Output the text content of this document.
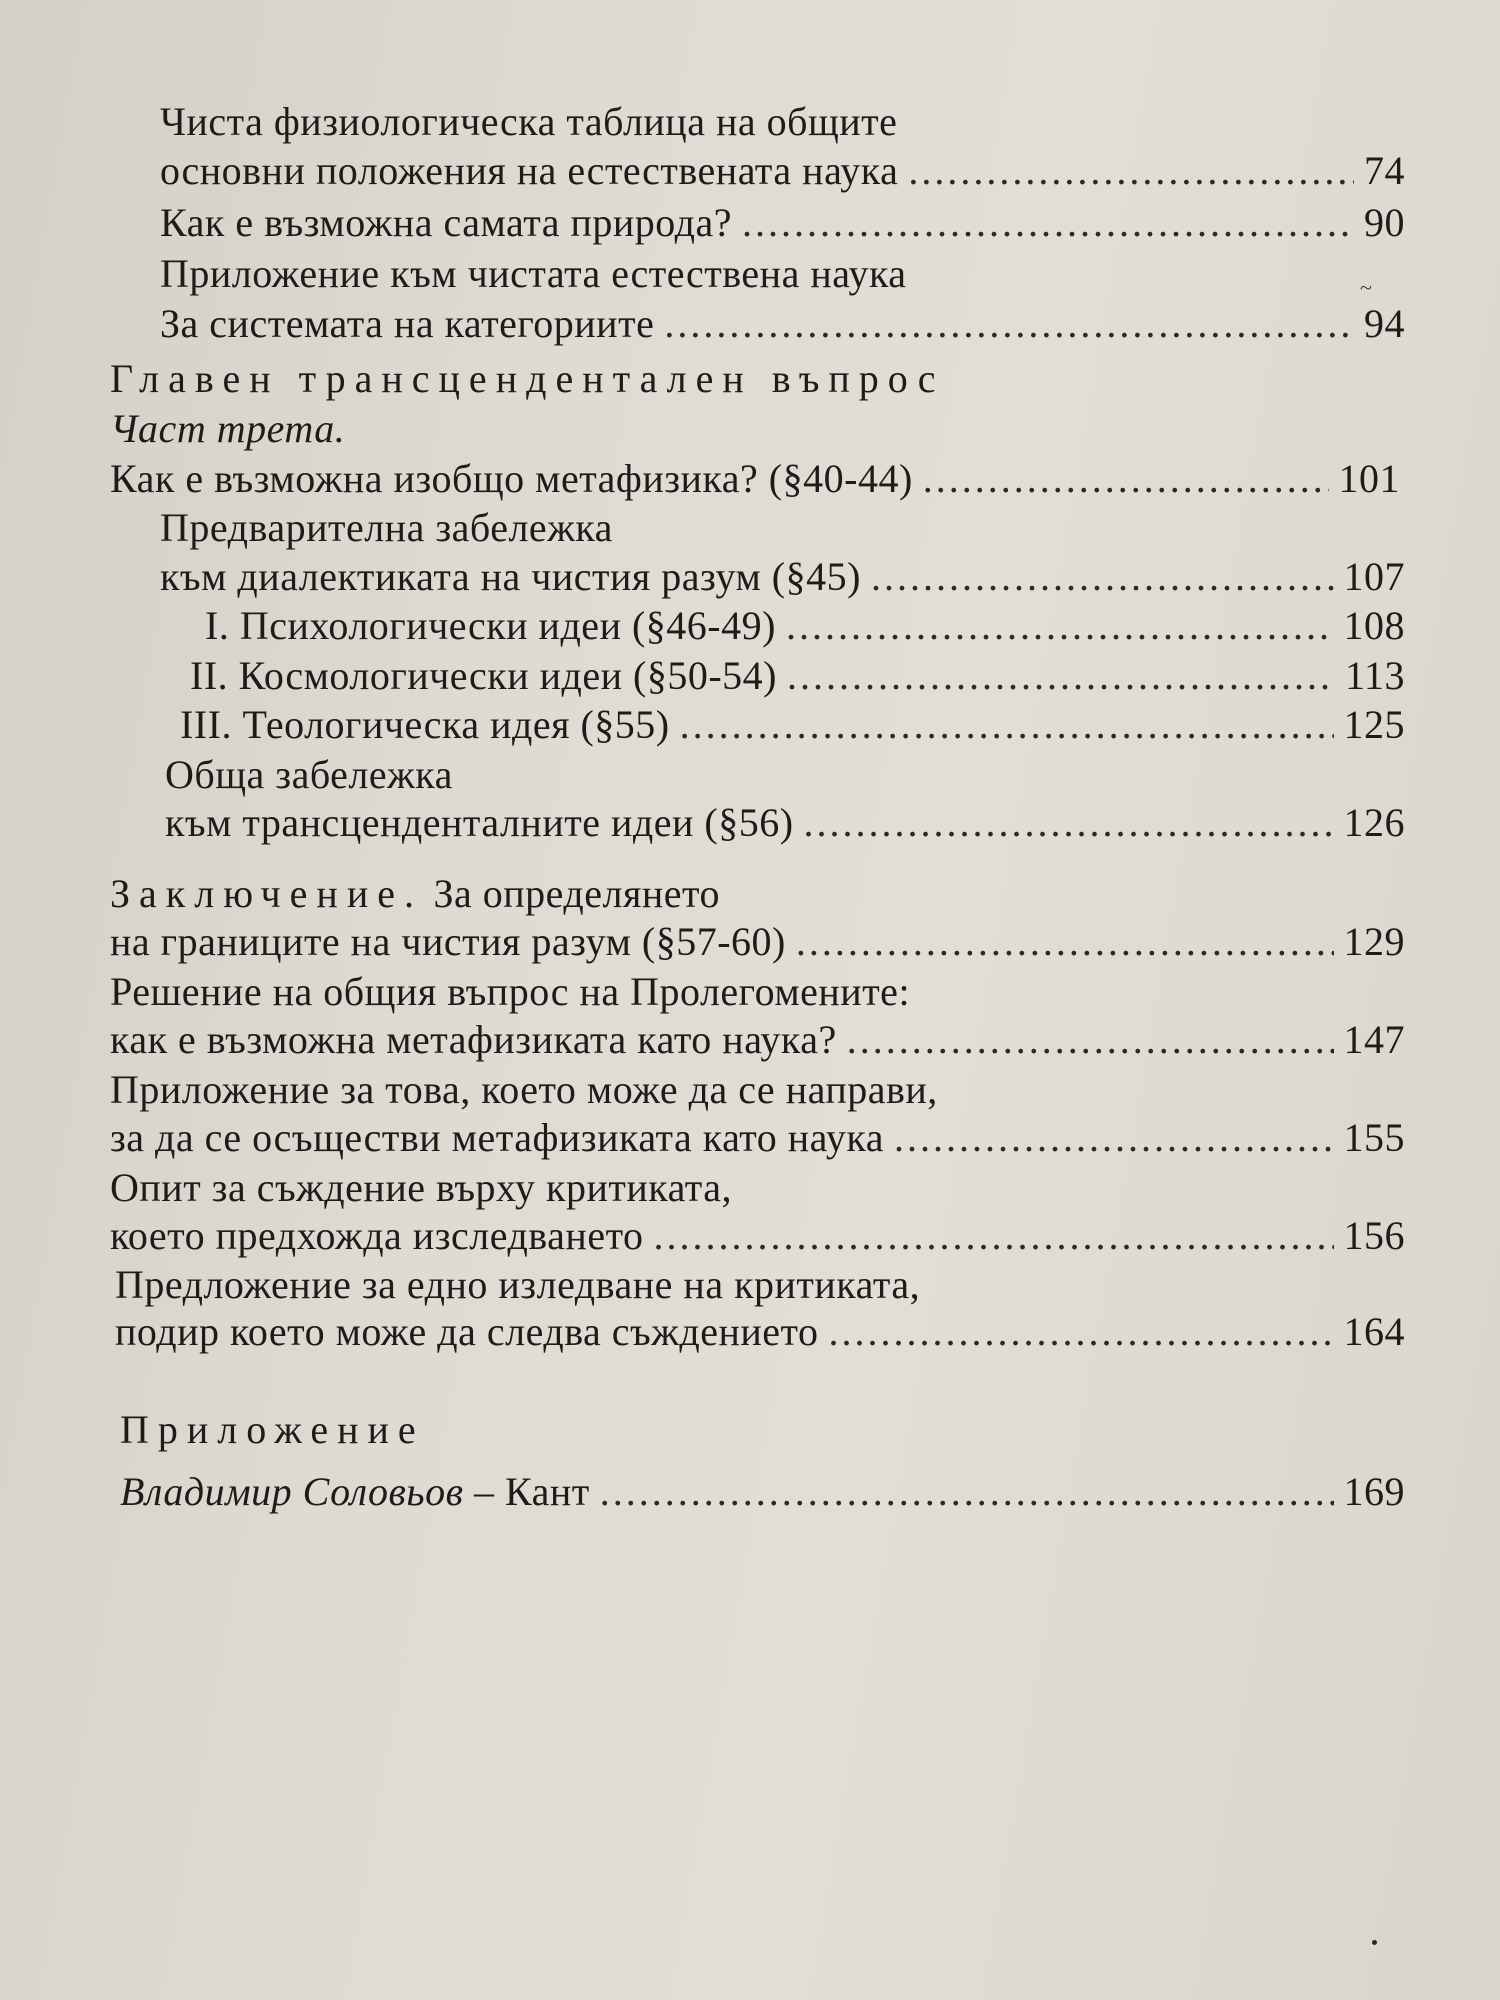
Чиста физиологическа таблица на общите
основни положения на естествената наука .....	74
Как е възможна самата природа? .....	90
Приложение към чистата естествена наука	~
За системата на категориите .....	94
Главен трансцендентален въпрос
Част трета.
Как е възможна изобщо метафизика? (§40-44) .....	101
Предварителна забележка
към диалектиката на чистия разум (§45) .....	107
I. Психологически идеи (§46-49) .....	108
II. Космологически идеи (§50-54) .....	113
III. Теологическа идея (§55) .....	125
Обща забележка
към трансценденталните идеи (§56) .....	126
Заключение. За определянето
на границите на чистия разум (§57-60) .....	129
Решение на общия въпрос на Пролегомените:
как е възможна метафизиката като наука? .....	147
Приложение за това, което може да се направи,
за да се осъществи метафизиката като наука .....	155
Опит за съждение върху критиката,
което предхожда изследването .....	156
Предложение за едно изледване на критиката,
подир което може да следва съждението .....	164
Приложение
Владимир Соловьов – Кант .....	169
